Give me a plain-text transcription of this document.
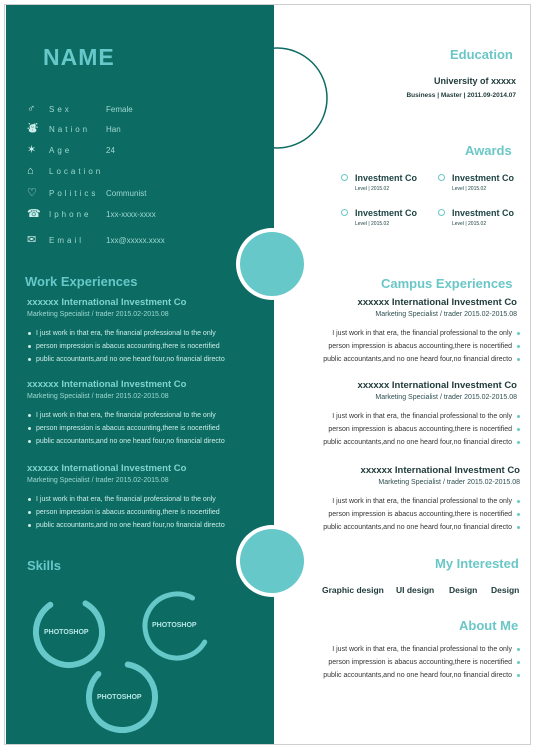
NAME
♂	Sex	Female
⛇ Nation Han
✶	Age	24
⌂	Location
♡	Politics Communist
☎ Iphone 1xx-xxxx-xxxx
✉	Email	1xx@xxxxx.xxxx
Work Experiences
xxxxxx International Investment Co
Marketing Specialist / trader 2015.02-2015.08
I just work in that era, the financial professional to the only
person impression is abacus accounting,there is nocertified
public accountants,and no one heard four,no financial directo
xxxxxx International Investment Co
Marketing Specialist / trader 2015.02-2015.08
I just work in that era, the financial professional to the only
person impression is abacus accounting,there is nocertified
public accountants,and no one heard four,no financial directo
xxxxxx International Investment Co
Marketing Specialist / trader 2015.02-2015.08
I just work in that era, the financial professional to the only
person impression is abacus accounting,there is nocertified
public accountants,and no one heard four,no financial directo
Skills
PHOTOSHOP
PHOTOSHOP
PHOTOSHOP
Education
University of xxxxx
Business | Master | 2011.09-2014.07
Awards
Investment Co
Level | 2015.02
Investment Co
Level | 2015.02
Investment Co
Level | 2015.02
Investment Co
Level | 2015.02
Campus Experiences
xxxxxx International Investment Co
Marketing Specialist / trader 2015.02-2015.08
I just work in that era, the financial professional to the only
person impression is abacus accounting,there is nocertified
public accountants,and no one heard four,no financial directo
xxxxxx International Investment Co
Marketing Specialist / trader 2015.02-2015.08
I just work in that era, the financial professional to the only
person impression is abacus accounting,there is nocertified
public accountants,and no one heard four,no financial directo
xxxxxx International Investment Co
Marketing Specialist / trader 2015.02-2015.08
I just work in that era, the financial professional to the only
person impression is abacus accounting,there is nocertified
public accountants,and no one heard four,no financial directo
My Interested
Graphic design UI design Design Design
About Me
I just work in that era, the financial professional to the only
person impression is abacus accounting,there is nocertified
public accountants,and no one heard four,no financial directo
